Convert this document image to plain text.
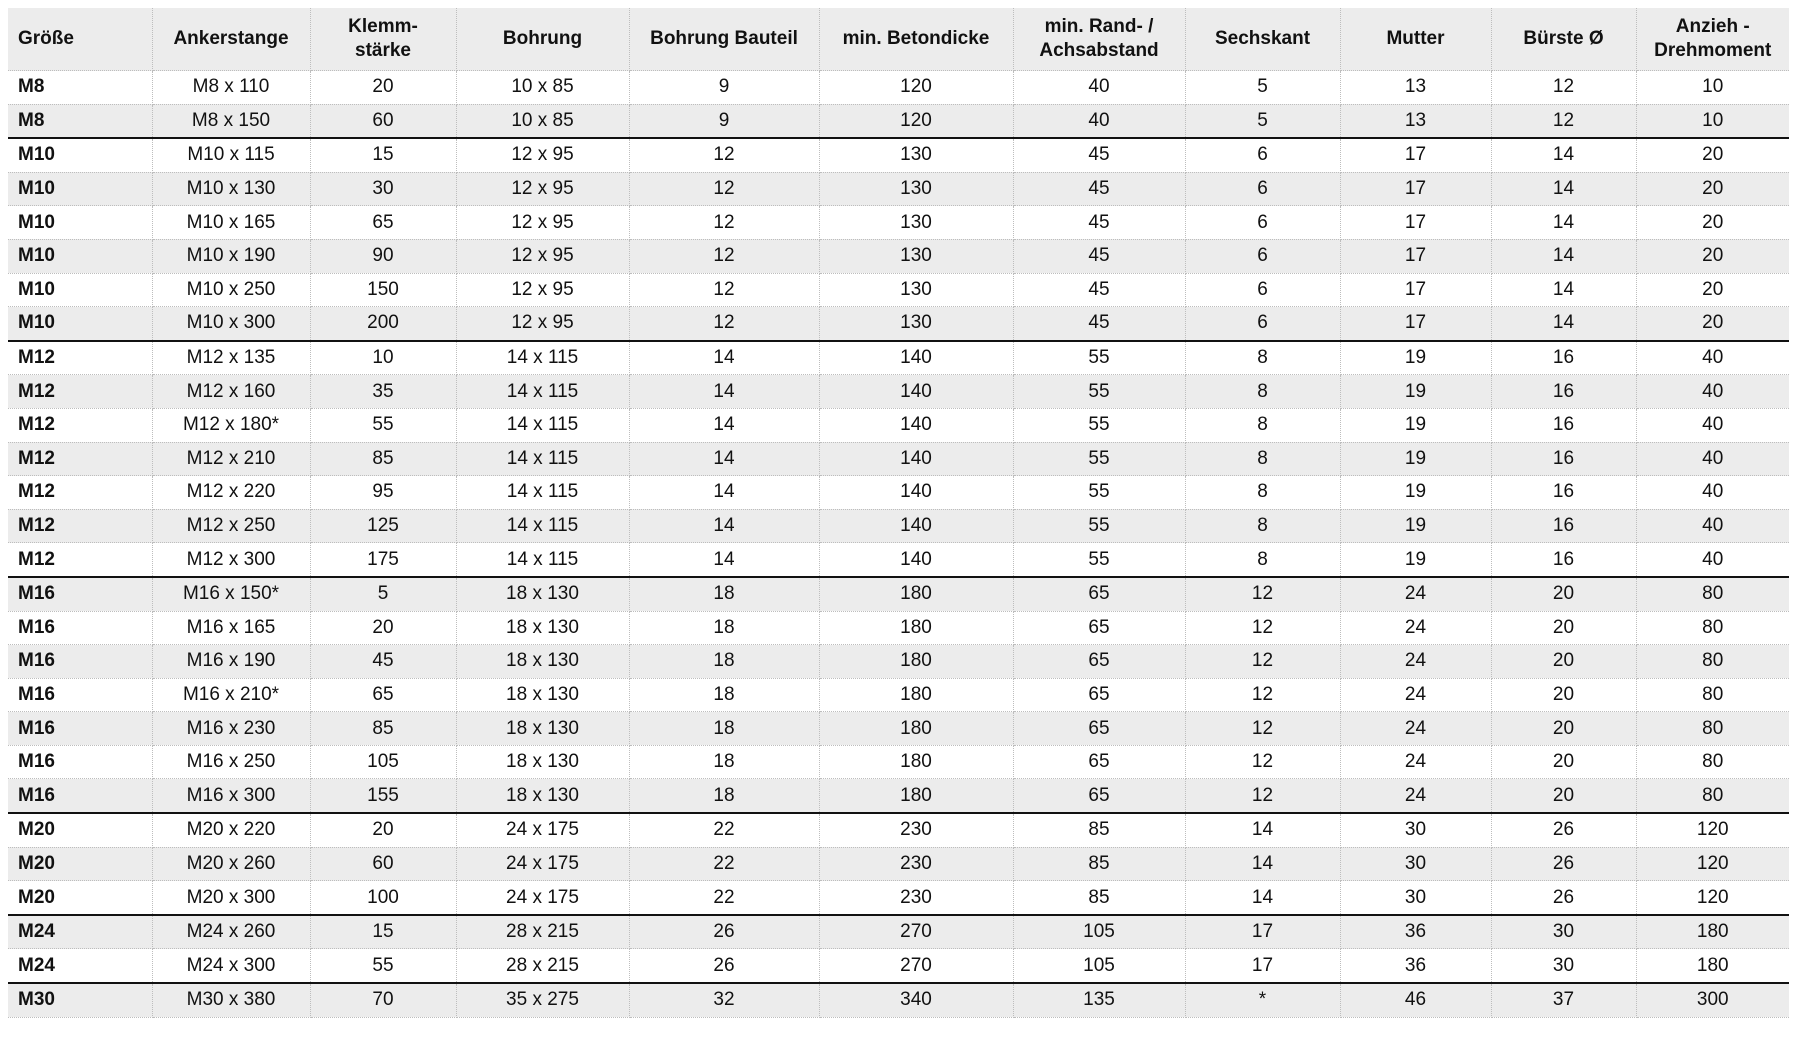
Größe	Ankerstange	Klemm-
stärke	Bohrung	Bohrung Bauteil	min. Betondicke	min. Rand- /
Achsabstand	Sechskant	Mutter	Bürste Ø	Anzieh -
Drehmoment
M8	M8 x 110	20	10 x 85	9	120	40	5	13	12	10
M8	M8 x 150	60	10 x 85	9	120	40	5	13	12	10
M10	M10 x 115	15	12 x 95	12	130	45	6	17	14	20
M10	M10 x 130	30	12 x 95	12	130	45	6	17	14	20
M10	M10 x 165	65	12 x 95	12	130	45	6	17	14	20
M10	M10 x 190	90	12 x 95	12	130	45	6	17	14	20
M10	M10 x 250	150	12 x 95	12	130	45	6	17	14	20
M10	M10 x 300	200	12 x 95	12	130	45	6	17	14	20
M12	M12 x 135	10	14 x 115	14	140	55	8	19	16	40
M12	M12 x 160	35	14 x 115	14	140	55	8	19	16	40
M12	M12 x 180*	55	14 x 115	14	140	55	8	19	16	40
M12	M12 x 210	85	14 x 115	14	140	55	8	19	16	40
M12	M12 x 220	95	14 x 115	14	140	55	8	19	16	40
M12	M12 x 250	125	14 x 115	14	140	55	8	19	16	40
M12	M12 x 300	175	14 x 115	14	140	55	8	19	16	40
M16	M16 x 150*	5	18 x 130	18	180	65	12	24	20	80
M16	M16 x 165	20	18 x 130	18	180	65	12	24	20	80
M16	M16 x 190	45	18 x 130	18	180	65	12	24	20	80
M16	M16 x 210*	65	18 x 130	18	180	65	12	24	20	80
M16	M16 x 230	85	18 x 130	18	180	65	12	24	20	80
M16	M16 x 250	105	18 x 130	18	180	65	12	24	20	80
M16	M16 x 300	155	18 x 130	18	180	65	12	24	20	80
M20	M20 x 220	20	24 x 175	22	230	85	14	30	26	120
M20	M20 x 260	60	24 x 175	22	230	85	14	30	26	120
M20	M20 x 300	100	24 x 175	22	230	85	14	30	26	120
M24	M24 x 260	15	28 x 215	26	270	105	17	36	30	180
M24	M24 x 300	55	28 x 215	26	270	105	17	36	30	180
M30	M30 x 380	70	35 x 275	32	340	135	*	46	37	300
